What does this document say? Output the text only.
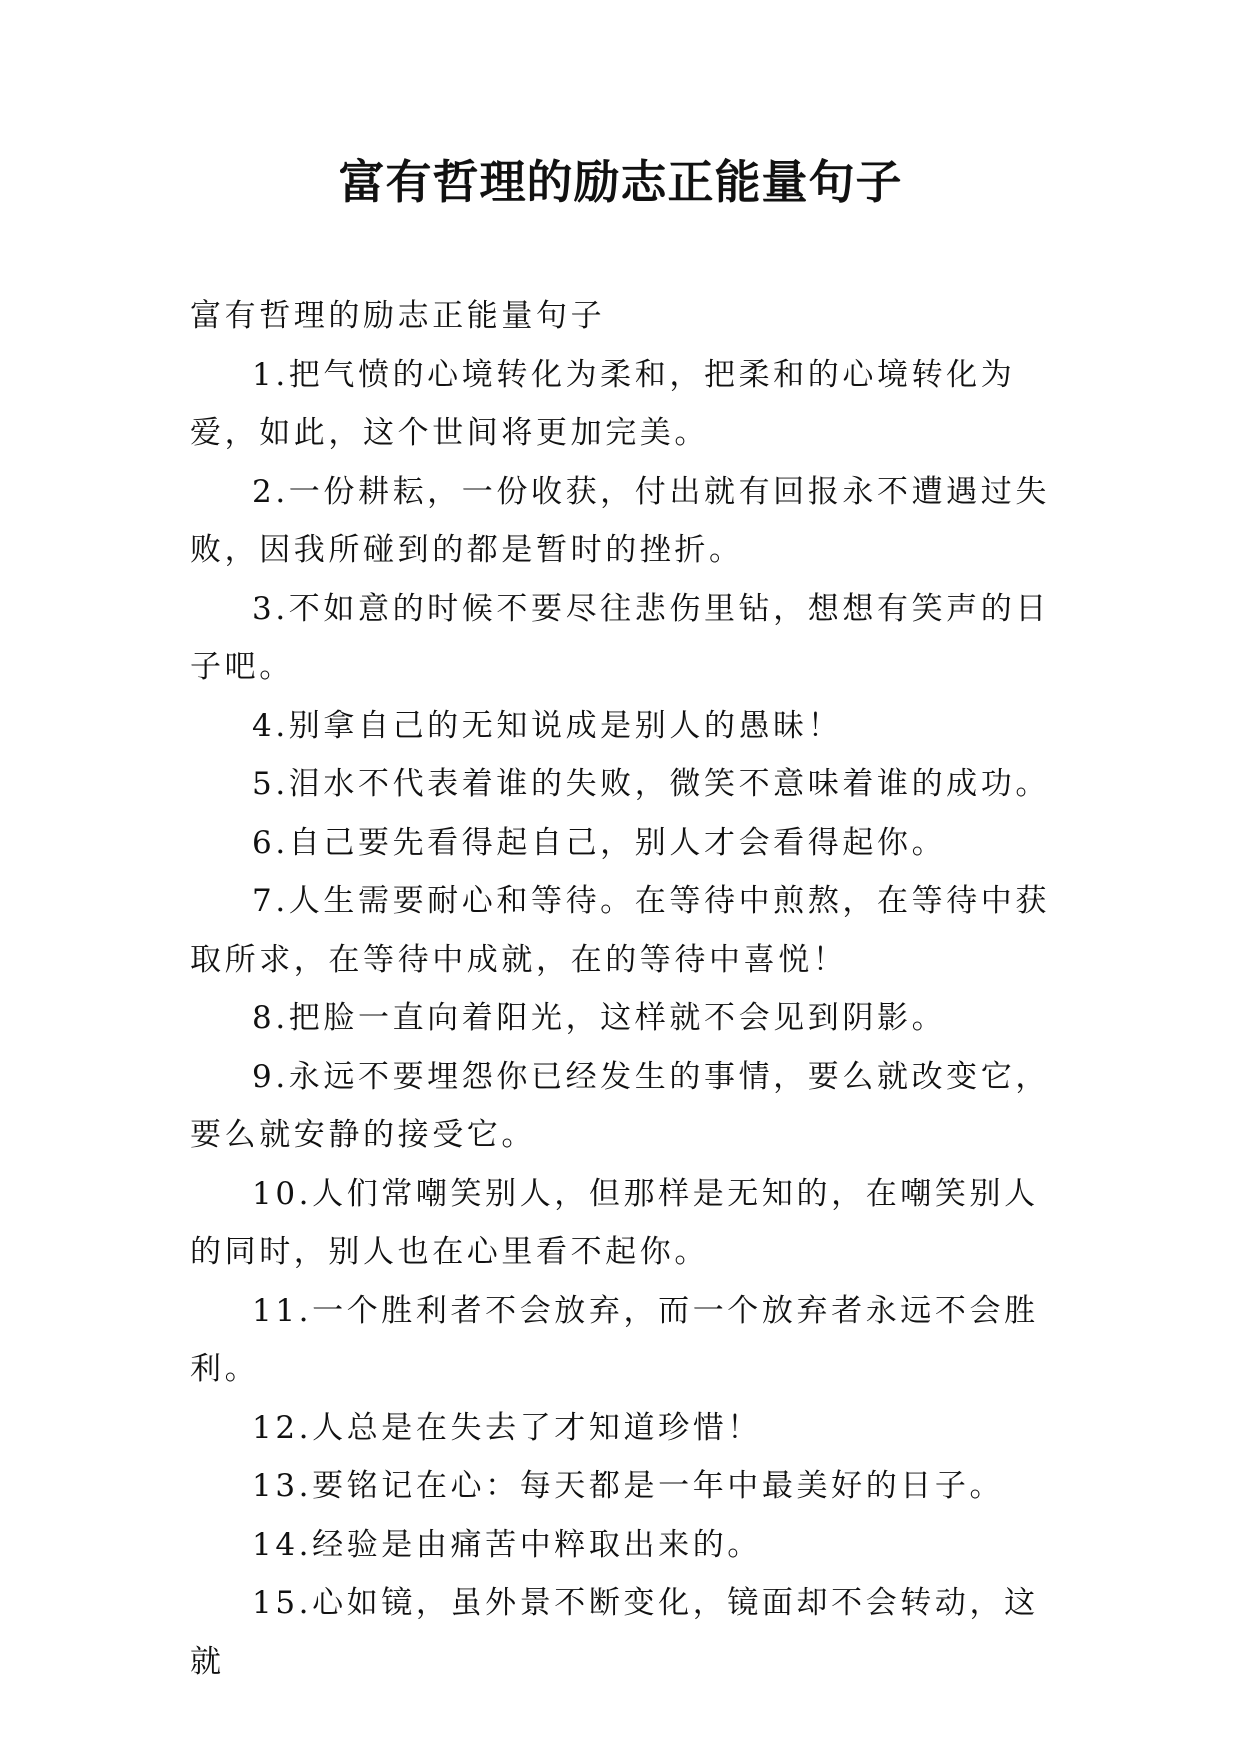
富有哲理的励志正能量句子

富有哲理的励志正能量句子

1.把气愤的心境转化为柔和，把柔和的心境转化为爱，如此，这个世间将更加完美。

2.一份耕耘，一份收获，付出就有回报永不遭遇过失败，因我所碰到的都是暂时的挫折。

3.不如意的时候不要尽往悲伤里钻，想想有笑声的日子吧。

4.别拿自己的无知说成是别人的愚昧！

5.泪水不代表着谁的失败，微笑不意味着谁的成功。

6.自己要先看得起自己，别人才会看得起你。

7.人生需要耐心和等待。在等待中煎熬，在等待中获取所求，在等待中成就，在的等待中喜悦！

8.把脸一直向着阳光，这样就不会见到阴影。

9.永远不要埋怨你已经发生的事情，要么就改变它，要么就安静的接受它。

10.人们常嘲笑别人，但那样是无知的，在嘲笑别人的同时，别人也在心里看不起你。

11.一个胜利者不会放弃，而一个放弃者永远不会胜利。

12.人总是在失去了才知道珍惜！

13.要铭记在心：每天都是一年中最美好的日子。

14.经验是由痛苦中粹取出来的。

15.心如镜，虽外景不断变化，镜面却不会转动，这就
